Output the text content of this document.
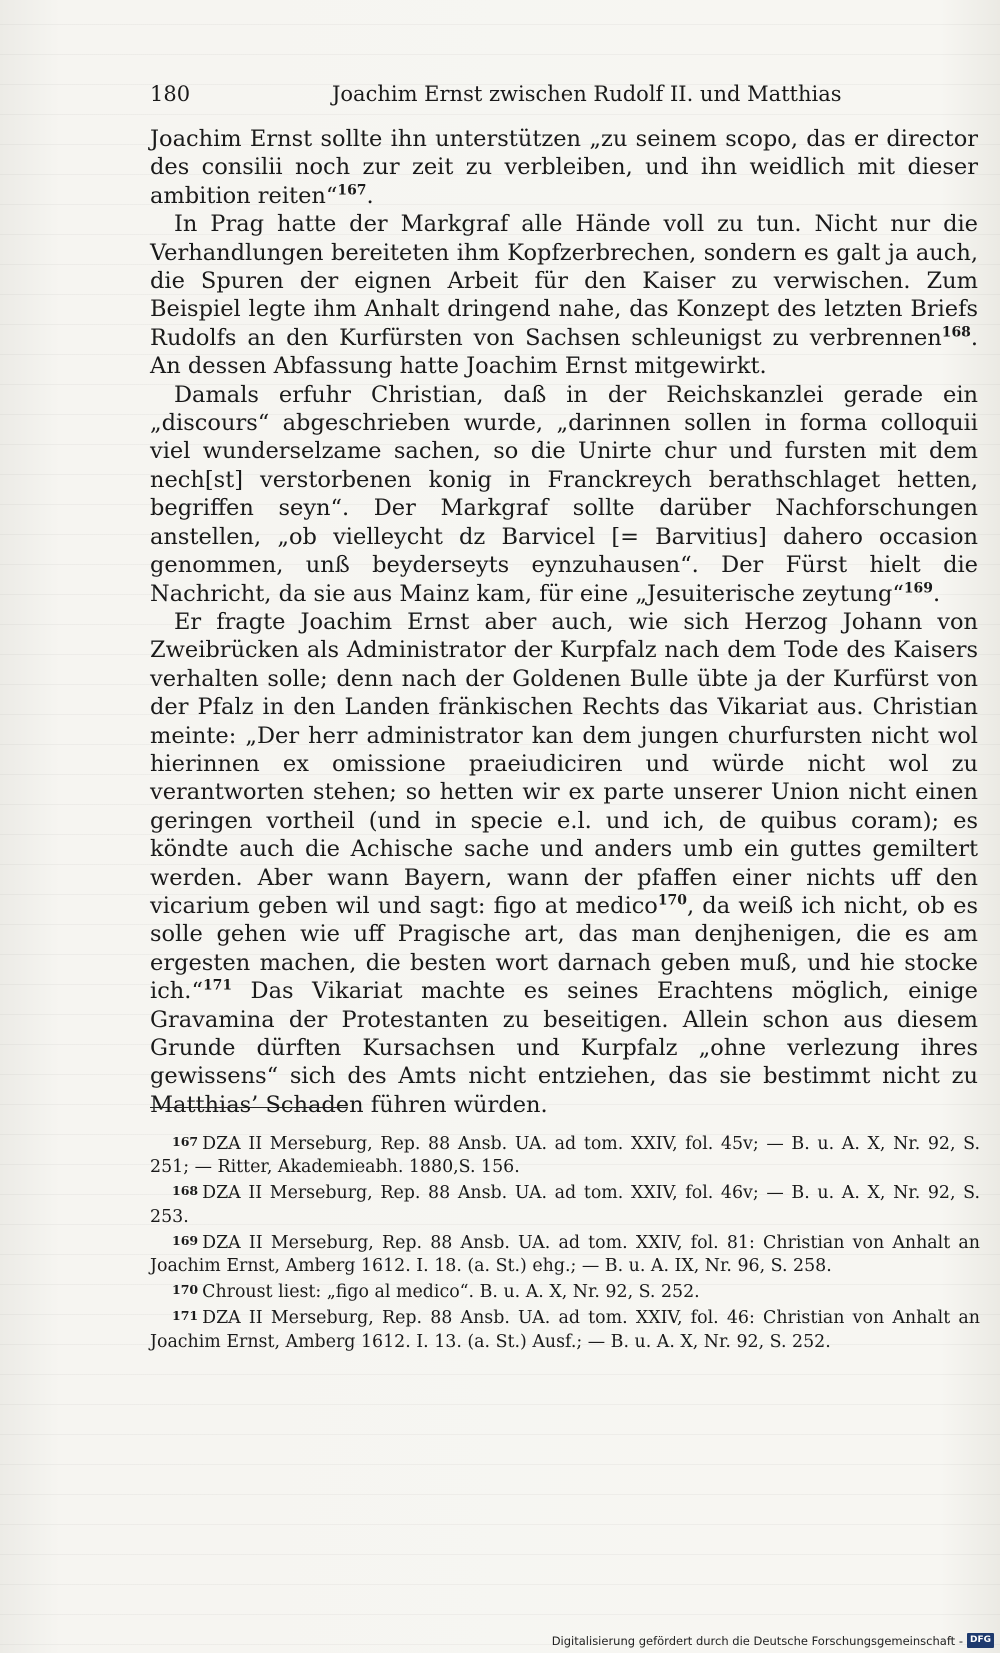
180	Joachim Ernst zwischen Rudolf II. und Matthias

Joachim Ernst sollte ihn unterstützen „zu seinem scopo, das er director des consilii noch zur zeit zu verbleiben, und ihn weidlich mit dieser ambition reiten“$^{167}$.

In Prag hatte der Markgraf alle Hände voll zu tun. Nicht nur die Verhandlungen bereiteten ihm Kopfzerbrechen, sondern es galt ja auch, die Spuren der eignen Arbeit für den Kaiser zu verwischen. Zum Beispiel legte ihm Anhalt dringend nahe, das Konzept des letzten Briefs Rudolfs an den Kurfürsten von Sachsen schleunigst zu verbrennen$^{168}$. An dessen Abfassung hatte Joachim Ernst mitgewirkt.

Damals erfuhr Christian, daß in der Reichskanzlei gerade ein „discours“ abgeschrieben wurde, „darinnen sollen in forma colloquii viel wunderselzame sachen, so die Unirte chur und fursten mit dem nech[st] verstorbenen konig in Franckreych berathschlaget hetten, begriffen seyn“. Der Markgraf sollte darüber Nachforschungen anstellen, „ob vielleycht dz Barvicel [= Barvitius] dahero occasion genommen, unß beyderseyts eynzuhausen“. Der Fürst hielt die Nachricht, da sie aus Mainz kam, für eine „Jesuiterische zeytung“$^{169}$.

Er fragte Joachim Ernst aber auch, wie sich Herzog Johann von Zweibrücken als Administrator der Kurpfalz nach dem Tode des Kaisers verhalten solle; denn nach der Goldenen Bulle übte ja der Kurfürst von der Pfalz in den Landen fränkischen Rechts das Vikariat aus. Christian meinte: „Der herr administrator kan dem jungen churfursten nicht wol hierinnen ex omissione praeiudiciren und würde nicht wol zu verantworten stehen; so hetten wir ex parte unserer Union nicht einen geringen vortheil (und in specie e.l. und ich, de quibus coram); es köndte auch die Achische sache und anders umb ein guttes gemiltert werden. Aber wann Bayern, wann der pfaffen einer nichts uff den vicarium geben wil und sagt: figo at medico$^{170}$, da weiß ich nicht, ob es solle gehen wie uff Pragische art, das man denjhenigen, die es am ergesten machen, die besten wort darnach geben muß, und hie stocke ich.“$^{171}$ Das Vikariat machte es seines Erachtens möglich, einige Gravamina der Protestanten zu beseitigen. Allein schon aus diesem Grunde dürften Kursachsen und Kurpfalz „ohne verlezung ihres gewissens“ sich des Amts nicht entziehen, das sie bestimmt nicht zu Matthias’ Schaden führen würden.

167 DZA II Merseburg, Rep. 88 Ansb. UA. ad tom. XXIV, fol. 45v; — B. u. A. X, Nr. 92, S. 251; — Ritter, Akademieabh. 1880,S. 156.

168 DZA II Merseburg, Rep. 88 Ansb. UA. ad tom. XXIV, fol. 46v; — B. u. A. X, Nr. 92, S. 253.

169 DZA II Merseburg, Rep. 88 Ansb. UA. ad tom. XXIV, fol. 81: Christian von Anhalt an Joachim Ernst, Amberg 1612. I. 18. (a. St.) ehg.; — B. u. A. IX, Nr. 96, S. 258.

170 Chroust liest: „figo al medico“. B. u. A. X, Nr. 92, S. 252.

171 DZA II Merseburg, Rep. 88 Ansb. UA. ad tom. XXIV, fol. 46: Christian von Anhalt an Joachim Ernst, Amberg 1612. I. 13. (a. St.) Ausf.; — B. u. A. X, Nr. 92, S. 252.

Digitalisierung gefördert durch die Deutsche Forschungsgemeinschaft - DFG
